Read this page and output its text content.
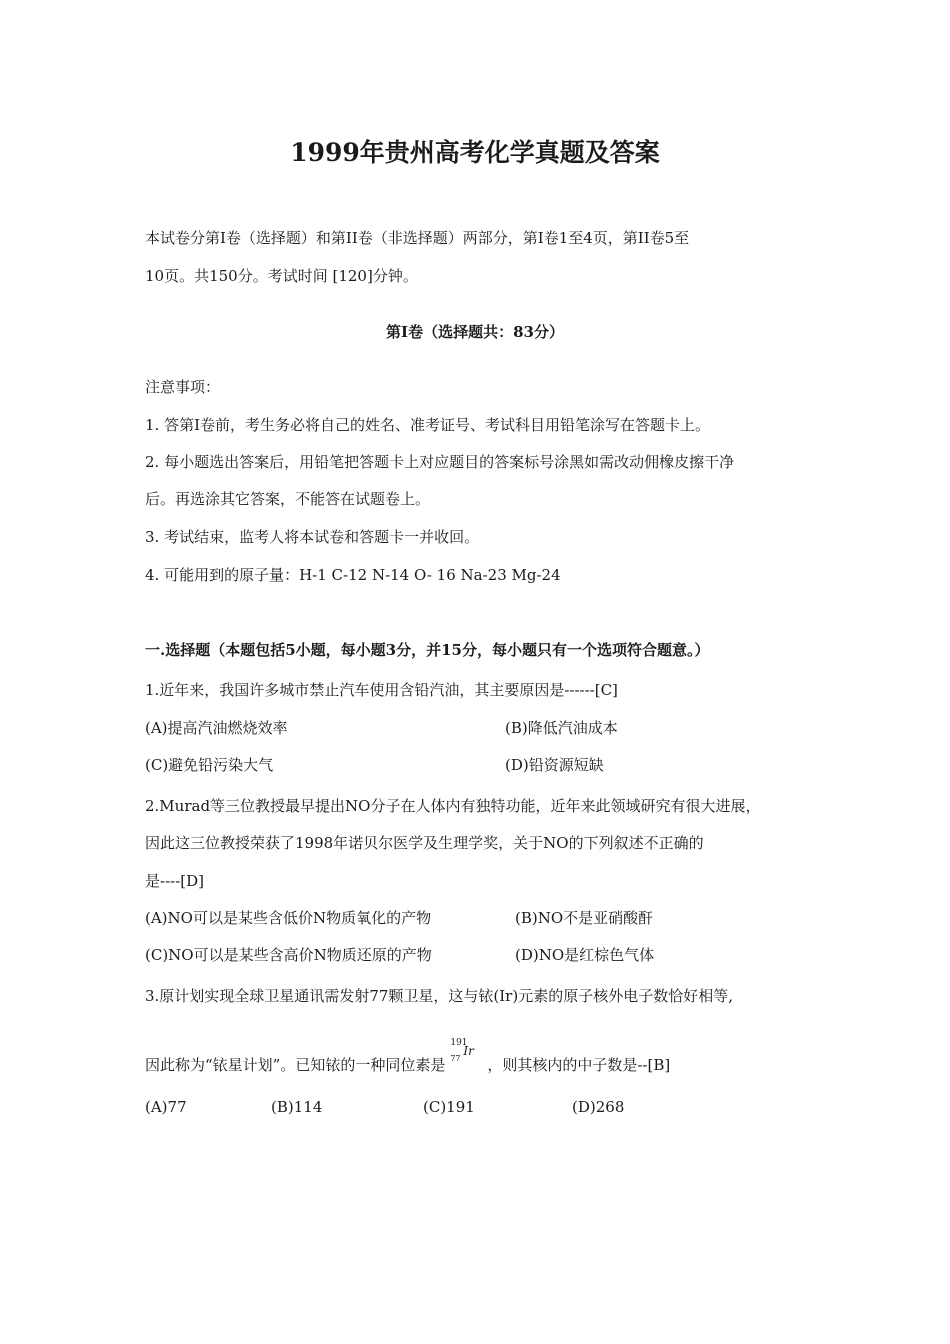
1999年贵州高考化学真题及答案
本试卷分第Ⅰ卷（选择题）和第II卷（非选择题）两部分，第Ⅰ卷1至4页，第II卷5至
10页。共150分。考试时间 [120]分钟。
第Ⅰ卷（选择题共：83分）
注意事项：
1. 答第Ⅰ卷前，考生务必将自己的姓名、准考证号、考试科目用铅笔涂写在答题卡上。
2. 每小题选出答案后，用铅笔把答题卡上对应题目的答案标号涂黑如需改动佣橡皮擦干净
后。再选涂其它答案，不能答在试题卷上。
3. 考试结束，监考人将本试卷和答题卡一并收回。
4. 可能用到的原子量：H-1 C-12 N-14 O- 16 Na-23 Mg-24
一.选择题（本题包括5小题，每小题3分，并15分，每小题只有一个选项符合题意。）
1.近年来，我国许多城市禁止汽车使用含铅汽油，其主要原因是------[C]
(A)提高汽油燃烧效率	(B)降低汽油成本
(C)避免铅污染大气	(D)铅资源短缺
2.Murad等三位教授最早提出NO分子在人体内有独特功能，近年来此领域研究有很大进展，
因此这三位教授荣获了1998年诺贝尔医学及生理学奖，关于NO的下列叙述不正确的
是----[D]
(A)NO可以是某些含低价N物质氧化的产物	(B)NO不是亚硝酸酐
(C)NO可以是某些含高价N物质还原的产物	(D)NO是红棕色气体
3.原计划实现全球卫星通讯需发射77颗卫星，这与铱(Ir)元素的原子核外电子数恰好相等,
因此称为“铱星计划”。已知铱的一种同位素是
191
77
Ir
，则其核内的中子数是--[B]
(A)77	(B)114	(C)191	(D)268
